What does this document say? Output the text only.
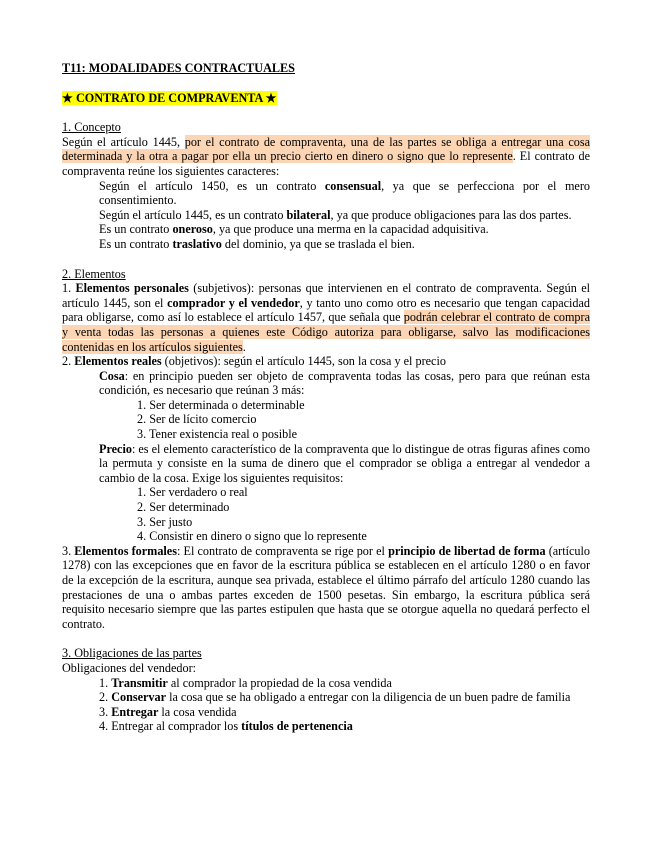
T11: MODALIDADES CONTRACTUALES

★ CONTRATO DE COMPRAVENTA ★

1. Concepto

Según el artículo 1445, por el contrato de compraventa, una de las partes se obliga a entregar una cosa determinada y la otra a pagar por ella un precio cierto en dinero o signo que lo represente. El contrato de compraventa reúne los siguientes caracteres:

Según el artículo 1450, es un contrato consensual, ya que se perfecciona por el mero consentimiento.

Según el artículo 1445, es un contrato bilateral, ya que produce obligaciones para las dos partes.

Es un contrato oneroso, ya que produce una merma en la capacidad adquisitiva.

Es un contrato traslativo del dominio, ya que se traslada el bien.

2. Elementos

1. Elementos personales (subjetivos): personas que intervienen en el contrato de compraventa. Según el artículo 1445, son el comprador y el vendedor, y tanto uno como otro es necesario que tengan capacidad para obligarse, como así lo establece el artículo 1457, que señala que podrán celebrar el contrato de compra y venta todas las personas a quienes este Código autoriza para obligarse, salvo las modificaciones contenidas en los artículos siguientes.

2. Elementos reales (objetivos): según el artículo 1445, son la cosa y el precio

Cosa: en principio pueden ser objeto de compraventa todas las cosas, pero para que reúnan esta condición, es necesario que reúnan 3 más:

1. Ser determinada o determinable

2. Ser de lícito comercio

3. Tener existencia real o posible

Precio: es el elemento característico de la compraventa que lo distingue de otras figuras afines como la permuta y consiste en la suma de dinero que el comprador se obliga a entregar al vendedor a cambio de la cosa. Exige los siguientes requisitos:

1. Ser verdadero o real

2. Ser determinado

3. Ser justo

4. Consistir en dinero o signo que lo represente

3. Elementos formales: El contrato de compraventa se rige por el principio de libertad de forma (artículo 1278) con las excepciones que en favor de la escritura pública se establecen en el artículo 1280 o en favor de la excepción de la escritura, aunque sea privada, establece el último párrafo del artículo 1280 cuando las prestaciones de una o ambas partes exceden de 1500 pesetas. Sin embargo, la escritura pública será requisito necesario siempre que las partes estipulen que hasta que se otorgue aquella no quedará perfecto el contrato.

3. Obligaciones de las partes

Obligaciones del vendedor:

1. Transmitir al comprador la propiedad de la cosa vendida

2. Conservar la cosa que se ha obligado a entregar con la diligencia de un buen padre de familia

3. Entregar la cosa vendida

4. Entregar al comprador los títulos de pertenencia
